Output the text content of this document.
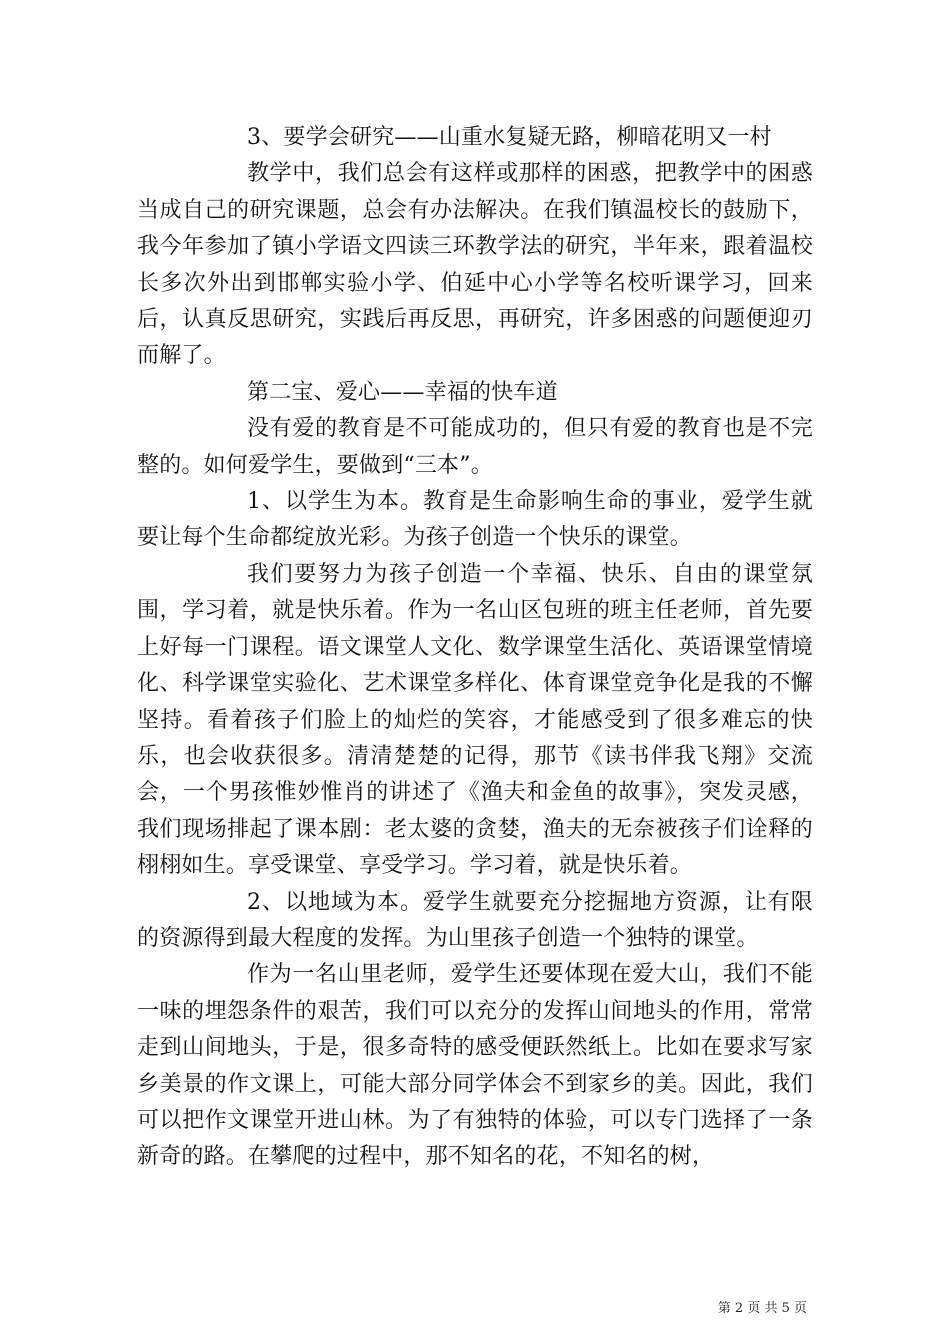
3、要学会研究——山重水复疑无路，柳暗花明又一村

教学中，我们总会有这样或那样的困惑，把教学中的困惑当成自己的研究课题，总会有办法解决。在我们镇温校长的鼓励下，我今年参加了镇小学语文四读三环教学法的研究，半年来，跟着温校长多次外出到邯郸实验小学、伯延中心小学等名校听课学习，回来后，认真反思研究，实践后再反思，再研究，许多困惑的问题便迎刃而解了。

第二宝、爱心——幸福的快车道

没有爱的教育是不可能成功的，但只有爱的教育也是不完整的。如何爱学生，要做到“三本”。

1、以学生为本。教育是生命影响生命的事业，爱学生就要让每个生命都绽放光彩。为孩子创造一个快乐的课堂。

我们要努力为孩子创造一个幸福、快乐、自由的课堂氛围，学习着，就是快乐着。作为一名山区包班的班主任老师，首先要上好每一门课程。语文课堂人文化、数学课堂生活化、英语课堂情境化、科学课堂实验化、艺术课堂多样化、体育课堂竞争化是我的不懈坚持。看着孩子们脸上的灿烂的笑容，才能感受到了很多难忘的快乐，也会收获很多。清清楚楚的记得，那节《读书伴我飞翔》交流会，一个男孩惟妙惟肖的讲述了《渔夫和金鱼的故事》，突发灵感，我们现场排起了课本剧：老太婆的贪婪，渔夫的无奈被孩子们诠释的栩栩如生。享受课堂、享受学习。学习着，就是快乐着。

2、以地域为本。爱学生就要充分挖掘地方资源，让有限的资源得到最大程度的发挥。为山里孩子创造一个独特的课堂。

作为一名山里老师，爱学生还要体现在爱大山，我们不能一味的埋怨条件的艰苦，我们可以充分的发挥山间地头的作用，常常走到山间地头，于是，很多奇特的感受便跃然纸上。比如在要求写家乡美景的作文课上，可能大部分同学体会不到家乡的美。因此，我们可以把作文课堂开进山林。为了有独特的体验，可以专门选择了一条新奇的路。在攀爬的过程中，那不知名的花，不知名的树，

第 2 页 共 5 页
